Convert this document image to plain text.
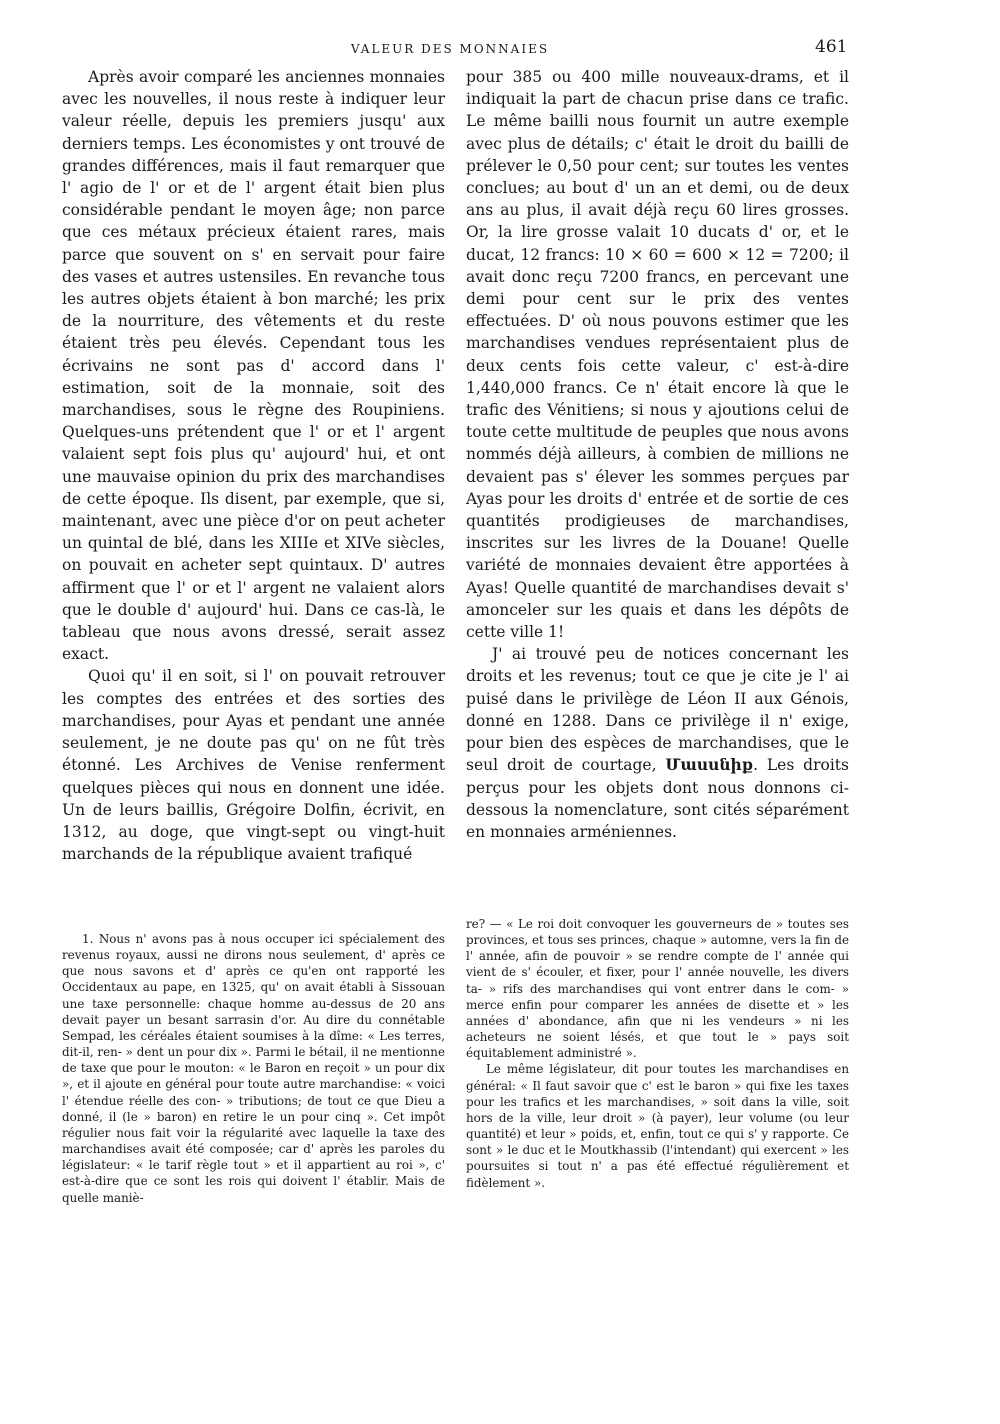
VALEUR DES MONNAIES	461

Après avoir comparé les anciennes monnaies avec les nouvelles, il nous reste à indiquer leur valeur réelle, depuis les premiers jusqu' aux derniers temps. Les économistes y ont trouvé de grandes différences, mais il faut remarquer que l' agio de l' or et de l' argent était bien plus considérable pendant le moyen âge; non parce que ces métaux précieux étaient rares, mais parce que souvent on s' en servait pour faire des vases et autres ustensiles. En revanche tous les autres objets étaient à bon marché; les prix de la nourriture, des vêtements et du reste étaient très peu élevés. Cependant tous les écrivains ne sont pas d' accord dans l' estimation, soit de la monnaie, soit des marchandises, sous le règne des Roupiniens. Quelques-uns prétendent que l' or et l' argent valaient sept fois plus qu' aujourd' hui, et ont une mauvaise opinion du prix des marchandises de cette époque. Ils disent, par exemple, que si, maintenant, avec une pièce d'or on peut acheter un quintal de blé, dans les XIIIe et XIVe siècles, on pouvait en acheter sept quintaux. D' autres affirment que l' or et l' argent ne valaient alors que le double d' aujourd' hui. Dans ce cas-là, le tableau que nous avons dressé, serait assez exact.

Quoi qu' il en soit, si l' on pouvait retrouver les comptes des entrées et des sorties des marchandises, pour Ayas et pendant une année seulement, je ne doute pas qu' on ne fût très étonné. Les Archives de Venise renferment quelques pièces qui nous en donnent une idée. Un de leurs baillis, Grégoire Dolfin, écrivit, en 1312, au doge, que vingt-sept ou vingt-huit marchands de la république avaient trafiqué

pour 385 ou 400 mille nouveaux-drams, et il indiquait la part de chacun prise dans ce trafic. Le même bailli nous fournit un autre exemple avec plus de détails; c' était le droit du bailli de prélever le 0,50 pour cent; sur toutes les ventes conclues; au bout d' un an et demi, ou de deux ans au plus, il avait déjà reçu 60 lires grosses. Or, la lire grosse valait 10 ducats d' or, et le ducat, 12 francs: 10 × 60 = 600 × 12 = 7200; il avait donc reçu 7200 francs, en percevant une demi pour cent sur le prix des ventes effectuées. D' où nous pouvons estimer que les marchandises vendues représentaient plus de deux cents fois cette valeur, c' est-à-dire 1,440,000 francs. Ce n' était encore là que le trafic des Vénitiens; si nous y ajoutions celui de toute cette multitude de peuples que nous avons nommés déjà ailleurs, à combien de millions ne devaient pas s' élever les sommes perçues par Ayas pour les droits d' entrée et de sortie de ces quantités prodigieuses de marchandises, inscrites sur les livres de la Douane! Quelle variété de monnaies devaient être apportées à Ayas! Quelle quantité de marchandises devait s' amonceler sur les quais et dans les dépôts de cette ville 1!

J' ai trouvé peu de notices concernant les droits et les revenus; tout ce que je cite je l' ai puisé dans le privilège de Léon II aux Génois, donné en 1288. Dans ce privilège il n' exige, pour bien des espèces de marchandises, que le seul droit de courtage, Մասսնիք. Les droits perçus pour les objets dont nous donnons ci-dessous la nomenclature, sont cités séparément en monnaies arméniennes.

1. Nous n' avons pas à nous occuper ici spécialement des revenus royaux, aussi ne dirons nous seulement, d' après ce que nous savons et d' après ce qu'en ont rapporté les Occidentaux au pape, en 1325, qu' on avait établi à Sissouan une taxe personnelle: chaque homme au-dessus de 20 ans devait payer un besant sarrasin d'or. Au dire du connétable Sempad, les céréales étaient soumises à la dîme: « Les terres, dit-il, ren- » dent un pour dix ». Parmi le bétail, il ne mentionne de taxe que pour le mouton: « le Baron en reçoit » un pour dix », et il ajoute en général pour toute autre marchandise: « voici l' étendue réelle des con- » tributions; de tout ce que Dieu a donné, il (le » baron) en retire le un pour cinq ». Cet impôt régulier nous fait voir la régularité avec laquelle la taxe des marchandises avait été composée; car d' après les paroles du législateur: « le tarif règle tout » et il appartient au roi », c' est-à-dire que ce sont les rois qui doivent l' établir. Mais de quelle maniè-

re? — « Le roi doit convoquer les gouverneurs de » toutes ses provinces, et tous ses princes, chaque » automne, vers la fin de l' année, afin de pouvoir » se rendre compte de l' année qui vient de s' écouler, et fixer, pour l' année nouvelle, les divers ta- » rifs des marchandises qui vont entrer dans le com- » merce enfin pour comparer les années de disette et » les années d' abondance, afin que ni les vendeurs » ni les acheteurs ne soient lésés, et que tout le » pays soit équitablement administré ».

Le même législateur, dit pour toutes les marchandises en général: « Il faut savoir que c' est le baron » qui fixe les taxes pour les trafics et les marchandises, » soit dans la ville, soit hors de la ville, leur droit » (à payer), leur volume (ou leur quantité) et leur » poids, et, enfin, tout ce qui s' y rapporte. Ce sont » le duc et le Moutkhassib (l'intendant) qui exercent » les poursuites si tout n' a pas été effectué régulièrement et fidèlement ».
